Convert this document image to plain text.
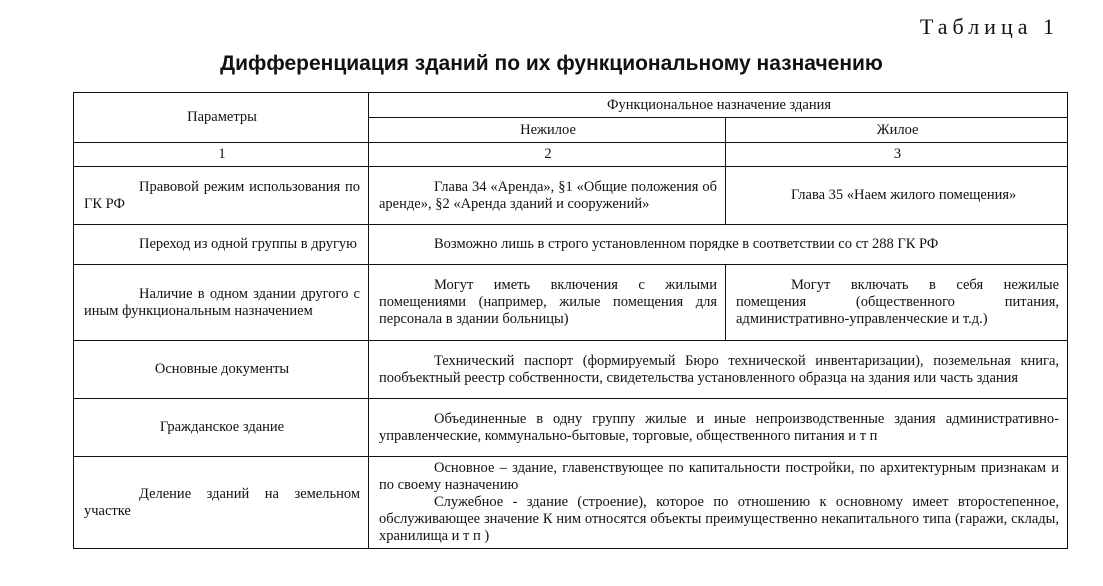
Таблица 1
Дифференциация зданий по их функциональному назначению
Параметры	Функциональное назначение здания	
	Нежилое	Жилое
1	2	3
Правовой режим использования по ГК РФ	Глава 34 «Аренда», §1 «Общие положения об аренде», §2 «Аренда зданий и сооружений»	Глава 35 «Наем жилого помещения»
Переход из одной группы в другую	Возможно лишь в строго установленном порядке в соответствии со ст 288 ГК РФ	
Наличие в одном здании другого с иным функциональным назначением	Могут иметь включения с жилыми помещениями (например, жилые помещения для персонала в здании больницы)	Могут включать в себя нежилые помещения (общественного питания, административно-управленческие и т.д.)
Основные документы	Технический паспорт (формируемый Бюро технической инвентаризации), поземельная книга, пообъектный реестр собственности, свидетельства установленного образца на здания или часть здания	
Гражданское здание	Объединенные в одну группу жилые и иные непроизводственные здания административно-управленческие, коммунально-бытовые, торговые, общественного питания и т п	
Деление зданий на земельном участке	Основное – здание, главенствующее по капитальности постройки, по архитектурным признакам и по своему назначению
Служебное - здание (строение), которое по отношению к основному имеет второстепенное, обслуживающее значение К ним относятся объекты преимущественно некапитального типа (гаражи, склады, хранилища и т п )	
